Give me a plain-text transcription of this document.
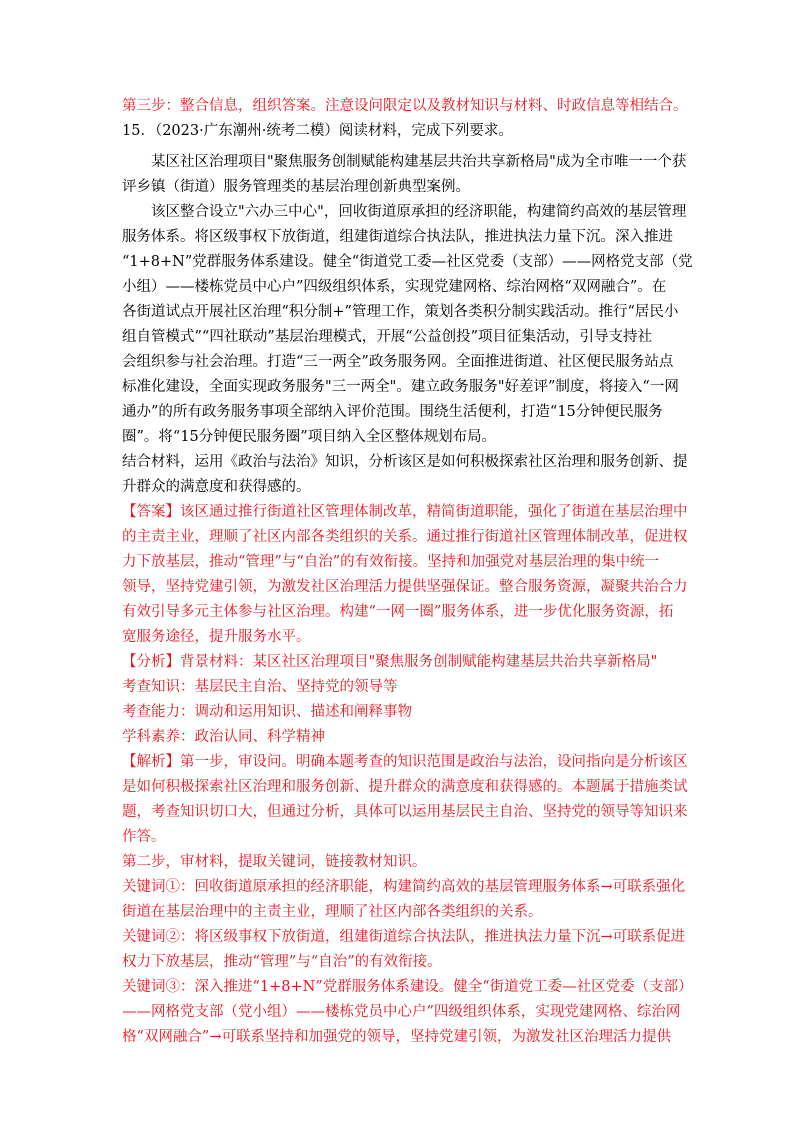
第三步：整合信息，组织答案。注意设问限定以及教材知识与材料、时政信息等相结合。
15．（2023·广东潮州·统考二模）阅读材料，完成下列要求。
　　某区社区治理项目"聚焦服务创制赋能构建基层共治共享新格局"成为全市唯一一个获
评乡镇（街道）服务管理类的基层治理创新典型案例。
　　该区整合设立"六办三中心"，回收街道原承担的经济职能，构建简约高效的基层管理
服务体系。将区级事权下放街道，组建街道综合执法队，推进执法力量下沉。深入推进
“1+8+N”党群服务体系建设。健全“街道党工委—社区党委（支部）——网格党支部（党
小组）——楼栋党员中心户”四级组织体系，实现党建网格、综治网格“双网融合”。在
各街道试点开展社区治理“积分制+”管理工作，策划各类积分制实践活动。推行“居民小
组自管模式”“四社联动”基层治理模式，开展“公益创投”项目征集活动，引导支持社
会组织参与社会治理。打造“三一两全”政务服务网。全面推进街道、社区便民服务站点
标准化建设，全面实现政务服务"三一两全"。建立政务服务"好差评”制度，将接入“一网
通办”的所有政务服务事项全部纳入评价范围。围绕生活便利，打造“15分钟便民服务
圈”。将“15分钟便民服务圈”项目纳入全区整体规划布局。
结合材料，运用《政治与法治》知识，分析该区是如何积极探索社区治理和服务创新、提
升群众的满意度和获得感的。
【答案】该区通过推行街道社区管理体制改革，精简街道职能，强化了街道在基层治理中
的主责主业，理顺了社区内部各类组织的关系。通过推行街道社区管理体制改革，促进权
力下放基层，推动“管理”与“自治”的有效衔接。坚持和加强党对基层治理的集中统一
领导，坚持党建引领，为激发社区治理活力提供坚强保证。整合服务资源，凝聚共治合力
有效引导多元主体参与社区治理。构建“一网一圈”服务体系，进一步优化服务资源，拓
宽服务途径，提升服务水平。
【分析】背景材料：某区社区治理项目"聚焦服务创制赋能构建基层共治共享新格局"
考查知识：基层民主自治、坚持党的领导等
考查能力：调动和运用知识、描述和阐释事物
学科素养：政治认同、科学精神
【解析】第一步，审设问。明确本题考查的知识范围是政治与法治，设问指向是分析该区
是如何积极探索社区治理和服务创新、提升群众的满意度和获得感的。本题属于措施类试
题，考查知识切口大，但通过分析，具体可以运用基层民主自治、坚持党的领导等知识来
作答。
第二步，审材料，提取关键词，链接教材知识。
关键词①：回收街道原承担的经济职能，构建简约高效的基层管理服务体系→可联系强化
街道在基层治理中的主责主业，理顺了社区内部各类组织的关系。
关键词②：将区级事权下放街道，组建街道综合执法队，推进执法力量下沉→可联系促进
权力下放基层，推动“管理”与“自治”的有效衔接。
关键词③：深入推进“1+8+N”党群服务体系建设。健全“街道党工委—社区党委（支部）
——网格党支部（党小组）——楼栋党员中心户”四级组织体系，实现党建网格、综治网
格“双网融合”→可联系坚持和加强党的领导，坚持党建引领，为激发社区治理活力提供
